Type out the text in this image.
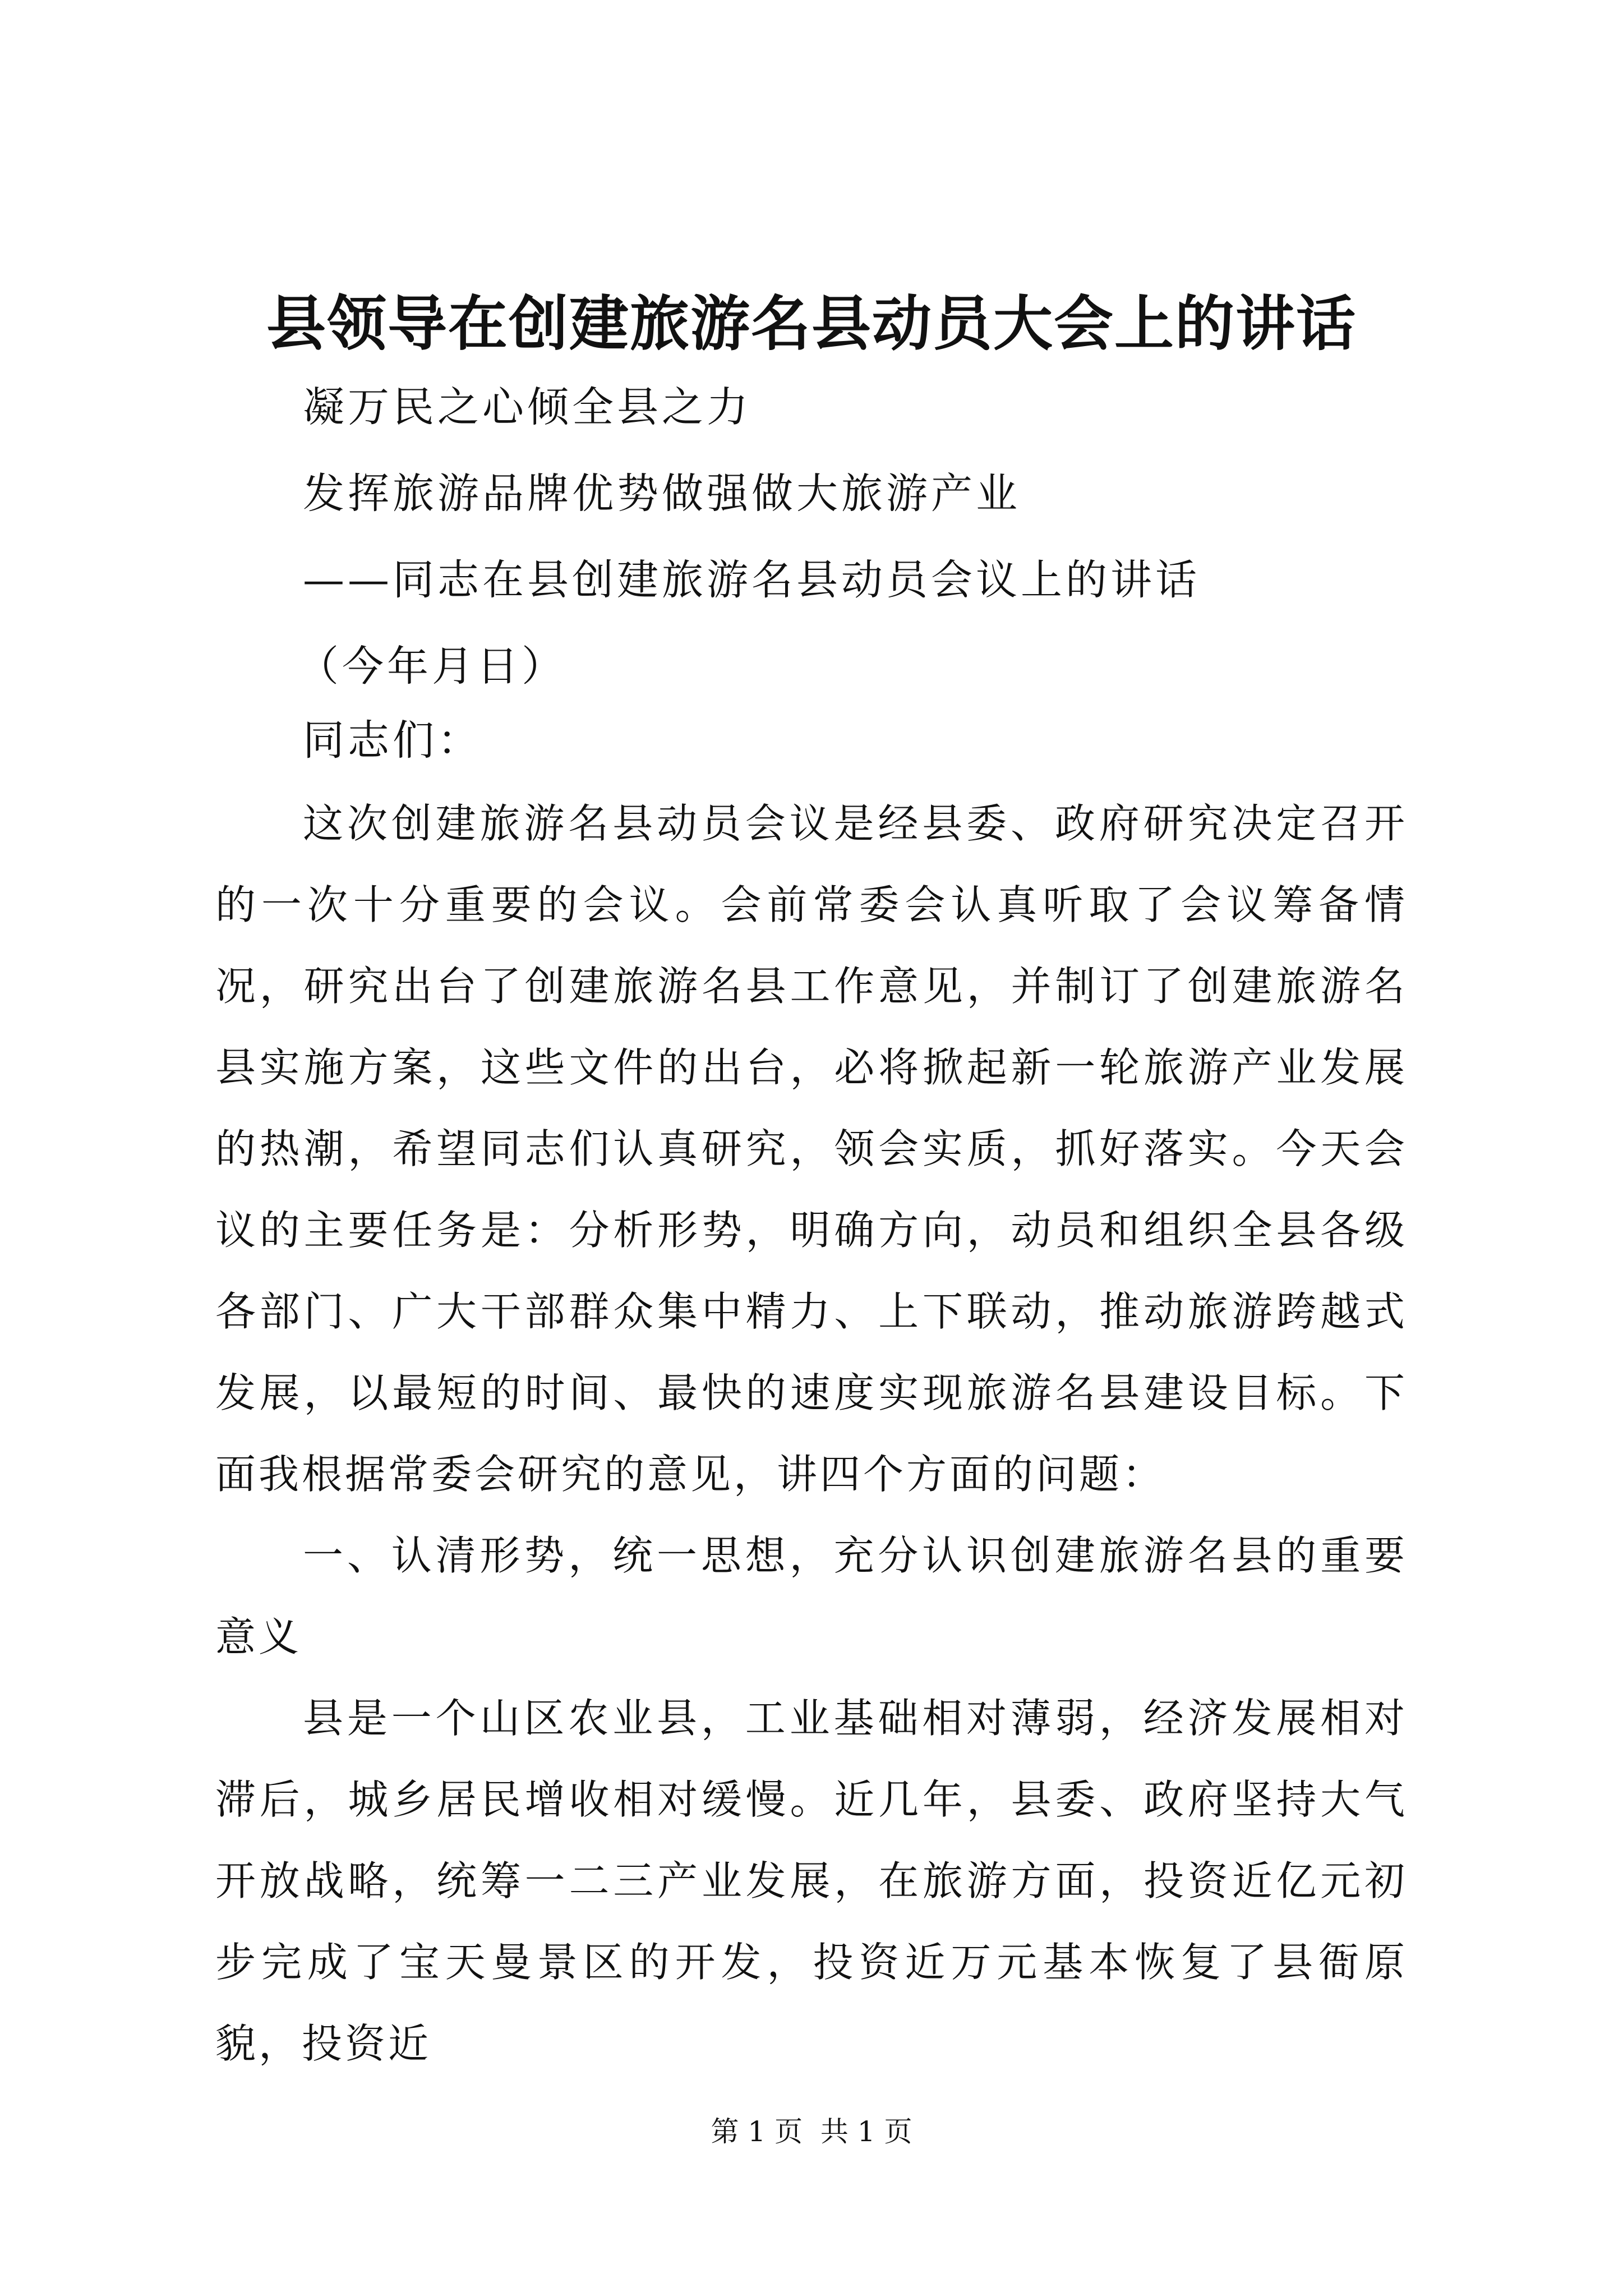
县领导在创建旅游名县动员大会上的讲话

凝万民之心倾全县之力

发挥旅游品牌优势做强做大旅游产业

——同志在县创建旅游名县动员会议上的讲话

（今年月日）

同志们：

这次创建旅游名县动员会议是经县委、政府研究决定召开的一次十分重要的会议。会前常委会认真听取了会议筹备情况，研究出台了创建旅游名县工作意见，并制订了创建旅游名县实施方案，这些文件的出台，必将掀起新一轮旅游产业发展的热潮，希望同志们认真研究，领会实质，抓好落实。今天会议的主要任务是：分析形势，明确方向，动员和组织全县各级各部门、广大干部群众集中精力、上下联动，推动旅游跨越式发展，以最短的时间、最快的速度实现旅游名县建设目标。下面我根据常委会研究的意见，讲四个方面的问题：

一、认清形势，统一思想，充分认识创建旅游名县的重要意义

县是一个山区农业县，工业基础相对薄弱，经济发展相对滞后，城乡居民增收相对缓慢。近几年，县委、政府坚持大气开放战略，统筹一二三产业发展，在旅游方面，投资近亿元初步完成了宝天曼景区的开发，投资近万元基本恢复了县衙原貌，投资近

第 1 页  共 1 页
